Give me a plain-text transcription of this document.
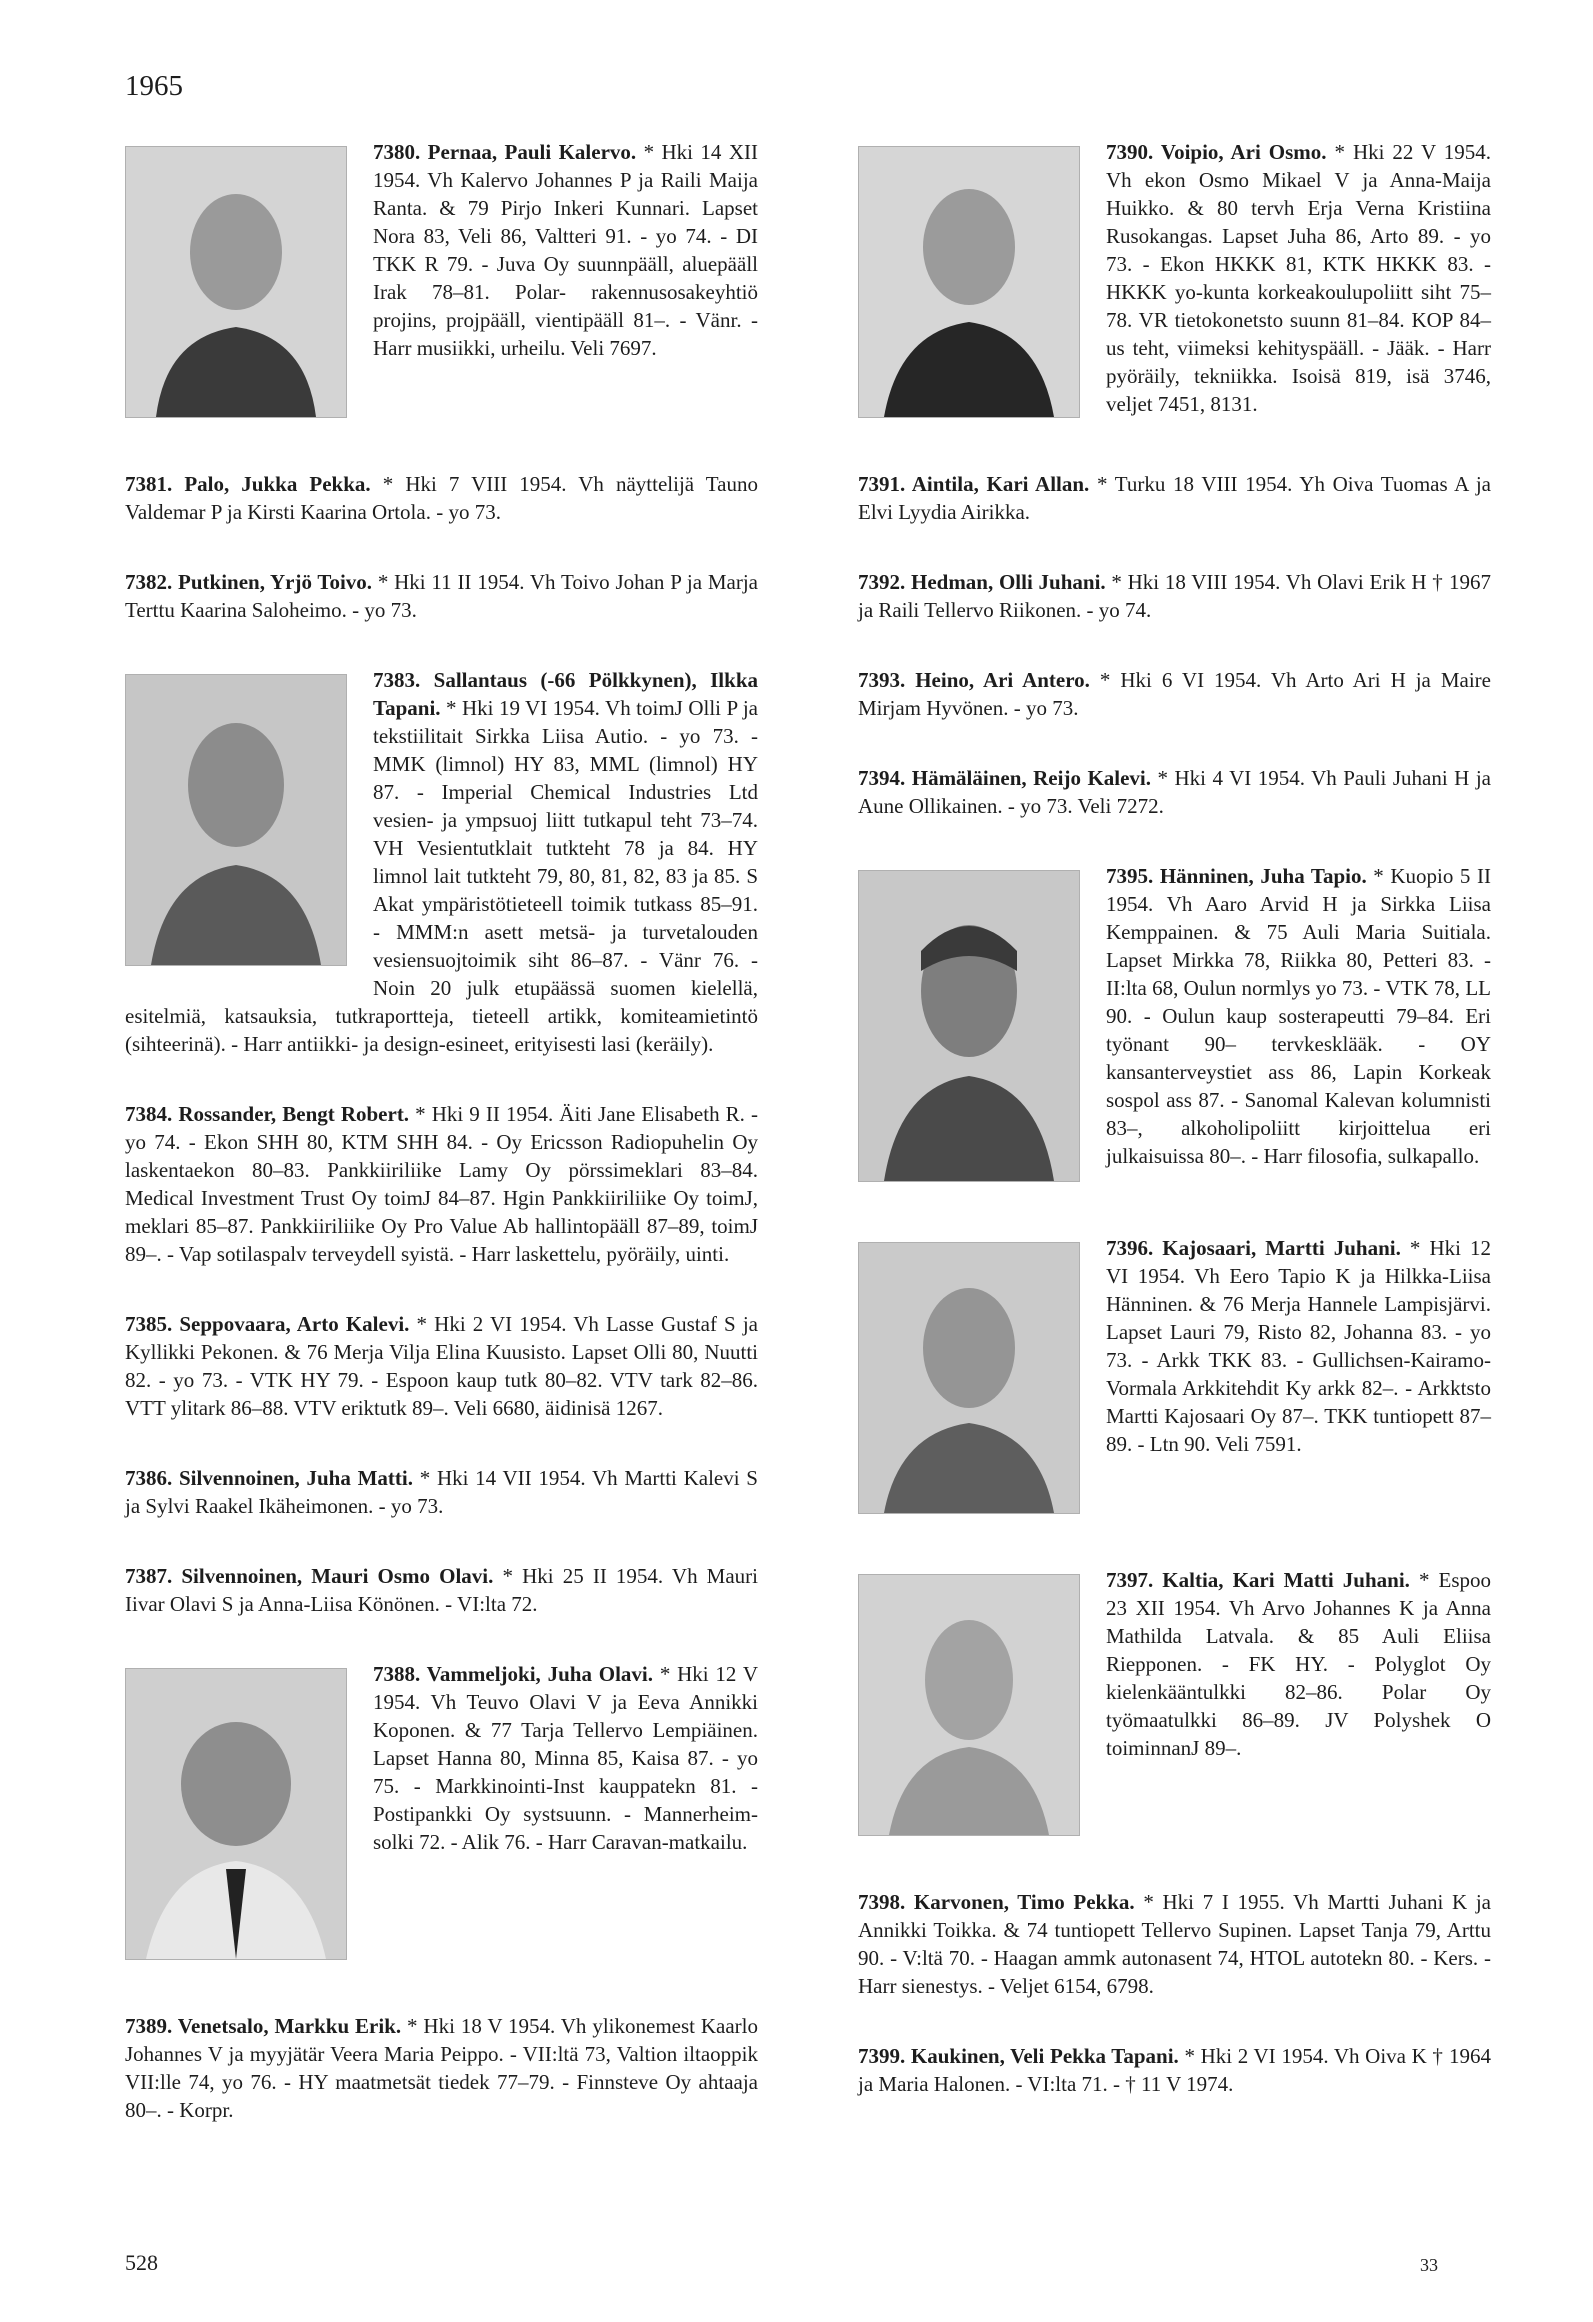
1965

7380. Pernaa, Pauli Kalervo. * Hki 14 XII 1954. Vh Kalervo Johannes P ja Raili Maija Ranta. & 79 Pirjo Inkeri Kunnari. Lapset Nora 83, Veli 86, Valtteri 91. - yo 74. - DI TKK R 79. - Juva Oy suunnpääll, aluepääll Irak 78–81. Polar- rakennusosakeyhtiö projins, projpääll, vientipääll 81–. - Vänr. - Harr musiikki, urheilu. Veli 7697.

7381. Palo, Jukka Pekka. * Hki 7 VIII 1954. Vh näyttelijä Tauno Valdemar P ja Kirsti Kaarina Ortola. - yo 73.

7382. Putkinen, Yrjö Toivo. * Hki 11 II 1954. Vh Toivo Johan P ja Marja Terttu Kaarina Saloheimo. - yo 73.

7383. Sallantaus (-66 Pölkkynen), Ilkka Tapani. * Hki 19 VI 1954. Vh toimJ Olli P ja tekstiilitait Sirkka Liisa Autio. - yo 73. - MMK (limnol) HY 83, MML (limnol) HY 87. - Imperial Chemical Industries Ltd vesien- ja ympsuoj liitt tutkapul teht 73–74. VH Vesientutklait tutkteht 78 ja 84. HY limnol lait tutkteht 79, 80, 81, 82, 83 ja 85. S Akat ympäristötieteell toimik tutkass 85–91. - MMM:n asett metsä- ja turvetalouden vesiensuojtoimik siht 86–87. - Vänr 76. - Noin 20 julk etupäässä suomen kielellä, esitelmiä, katsauksia, tutkraportteja, tieteell artikk, komiteamietintö (sihteerinä). - Harr antiikki- ja design-esineet, erityisesti lasi (keräily).

7384. Rossander, Bengt Robert. * Hki 9 II 1954. Äiti Jane Elisabeth R. - yo 74. - Ekon SHH 80, KTM SHH 84. - Oy Ericsson Radiopuhelin Oy laskentaekon 80–83. Pankkiiriliike Lamy Oy pörssimeklari 83–84. Medical Investment Trust Oy toimJ 84–87. Hgin Pankkiiriliike Oy toimJ, meklari 85–87. Pankkiiriliike Oy Pro Value Ab hallintopääll 87–89, toimJ 89–. - Vap sotilaspalv terveydell syistä. - Harr laskettelu, pyöräily, uinti.

7385. Seppovaara, Arto Kalevi. * Hki 2 VI 1954. Vh Lasse Gustaf S ja Kyllikki Pekonen. & 76 Merja Vilja Elina Kuusisto. Lapset Olli 80, Nuutti 82. - yo 73. - VTK HY 79. - Espoon kaup tutk 80–82. VTV tark 82–86. VTT ylitark 86–88. VTV eriktutk 89–. Veli 6680, äidinisä 1267.

7386. Silvennoinen, Juha Matti. * Hki 14 VII 1954. Vh Martti Kalevi S ja Sylvi Raakel Ikäheimonen. - yo 73.

7387. Silvennoinen, Mauri Osmo Olavi. * Hki 25 II 1954. Vh Mauri Iivar Olavi S ja Anna-Liisa Könönen. - VI:lta 72.

7388. Vammeljoki, Juha Olavi. * Hki 12 V 1954. Vh Teuvo Olavi V ja Eeva Annikki Koponen. & 77 Tarja Tellervo Lempiäinen. Lapset Hanna 80, Minna 85, Kaisa 87. - yo 75. - Markkinointi-Inst kauppatekn 81. - Postipankki Oy systsuunn. - Mannerheim-solki 72. - Alik 76. - Harr Caravan-matkailu.

7389. Venetsalo, Markku Erik. * Hki 18 V 1954. Vh ylikonemest Kaarlo Johannes V ja myyjätär Veera Maria Peippo. - VII:ltä 73, Valtion iltaoppik VII:lle 74, yo 76. - HY maatmetsät tiedek 77–79. - Finnsteve Oy ahtaaja 80–. - Korpr.

7390. Voipio, Ari Osmo. * Hki 22 V 1954. Vh ekon Osmo Mikael V ja Anna-Maija Huikko. & 80 tervh Erja Verna Kristiina Rusokangas. Lapset Juha 86, Arto 89. - yo 73. - Ekon HKKK 81, KTK HKKK 83. - HKKK yo-kunta korkeakoulupoliitt siht 75–78. VR tietokonetsto suunn 81–84. KOP 84– us teht, viimeksi kehityspääll. - Jääk. - Harr pyöräily, tekniikka. Isoisä 819, isä 3746, veljet 7451, 8131.

7391. Aintila, Kari Allan. * Turku 18 VIII 1954. Yh Oiva Tuomas A ja Elvi Lyydia Airikka.

7392. Hedman, Olli Juhani. * Hki 18 VIII 1954. Vh Olavi Erik H † 1967 ja Raili Tellervo Riikonen. - yo 74.

7393. Heino, Ari Antero. * Hki 6 VI 1954. Vh Arto Ari H ja Maire Mirjam Hyvönen. - yo 73.

7394. Hämäläinen, Reijo Kalevi. * Hki 4 VI 1954. Vh Pauli Juhani H ja Aune Ollikainen. - yo 73. Veli 7272.

7395. Hänninen, Juha Tapio. * Kuopio 5 II 1954. Vh Aaro Arvid H ja Sirkka Liisa Kemppainen. & 75 Auli Maria Suitiala. Lapset Mirkka 78, Riikka 80, Petteri 83. - II:lta 68, Oulun normlys yo 73. - VTK 78, LL 90. - Oulun kaup sosterapeutti 79–84. Eri työnant 90– tervkesklääk. - OY kansanterveystiet ass 86, Lapin Korkeak sospol ass 87. - Sanomal Kalevan kolumnisti 83–, alkoholipoliitt kirjoittelua eri julkaisuissa 80–. - Harr filosofia, sulkapallo.

7396. Kajosaari, Martti Juhani. * Hki 12 VI 1954. Vh Eero Tapio K ja Hilkka-Liisa Hänninen. & 76 Merja Hannele Lampisjärvi. Lapset Lauri 79, Risto 82, Johanna 83. - yo 73. - Arkk TKK 83. - Gullichsen-Kairamo-Vormala Arkkitehdit Ky arkk 82–. - Arkktsto Martti Kajosaari Oy 87–. TKK tuntiopett 87–89. - Ltn 90. Veli 7591.

7397. Kaltia, Kari Matti Juhani. * Espoo 23 XII 1954. Vh Arvo Johannes K ja Anna Mathilda Latvala. & 85 Auli Eliisa Riepponen. - FK HY. - Polyglot Oy kielenkääntulkki 82–86. Polar Oy työmaatulkki 86–89. JV Polyshek O toiminnanJ 89–.

7398. Karvonen, Timo Pekka. * Hki 7 I 1955. Vh Martti Juhani K ja Annikki Toikka. & 74 tuntiopett Tellervo Supinen. Lapset Tanja 79, Arttu 90. - V:ltä 70. - Haagan ammk autonasent 74, HTOL autotekn 80. - Kers. - Harr sienestys. - Veljet 6154, 6798.

7399. Kaukinen, Veli Pekka Tapani. * Hki 2 VI 1954. Vh Oiva K † 1964 ja Maria Halonen. - VI:lta 71. - † 11 V 1974.

528	33
